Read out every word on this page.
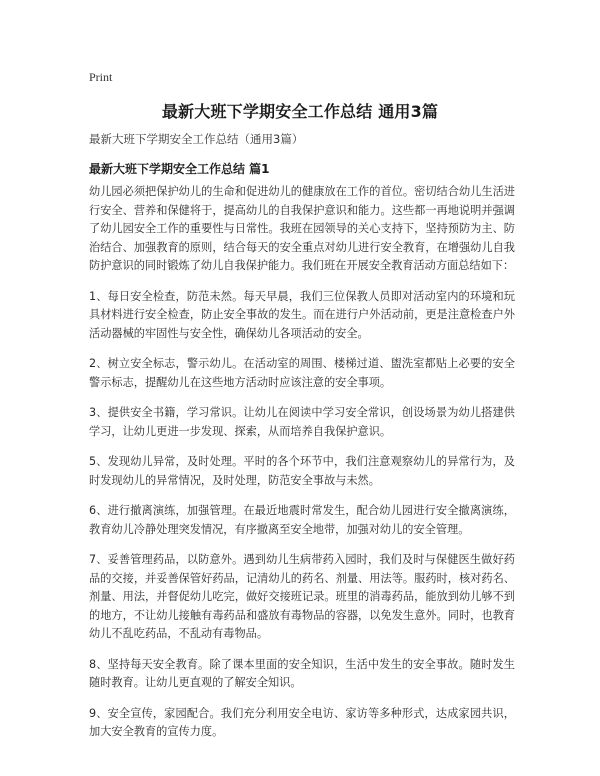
Print
最新大班下学期安全工作总结 通用3篇
最新大班下学期安全工作总结（通用3篇）
最新大班下学期安全工作总结 篇1

幼儿园必须把保护幼儿的生命和促进幼儿的健康放在工作的首位。密切结合幼儿生活进行安全、营养和保健将于，提高幼儿的自我保护意识和能力。这些都一再地说明并强调了幼儿园安全工作的重要性与日常性。我班在园领导的关心支持下，坚持预防为主、防治结合、加强教育的原则，结合每天的安全重点对幼儿进行安全教育，在增强幼儿自我防护意识的同时锻炼了幼儿自我保护能力。我们班在开展安全教育活动方面总结如下：

1、每日安全检查，防范未然。每天早晨，我们三位保教人员即对活动室内的环境和玩具材料进行安全检查，防止安全事故的发生。而在进行户外活动前，更是注意检查户外活动器械的牢固性与安全性，确保幼儿各项活动的安全。

2、树立安全标志，警示幼儿。在活动室的周围、楼梯过道、盥洗室都贴上必要的安全警示标志，提醒幼儿在这些地方活动时应该注意的安全事项。

3、提供安全书籍，学习常识。让幼儿在阅读中学习安全常识，创设场景为幼儿搭建供学习，让幼儿更进一步发现、探索，从而培养自我保护意识。

5、发现幼儿异常，及时处理。平时的各个环节中，我们注意观察幼儿的异常行为，及时发现幼儿的异常情况，及时处理，防范安全事故与未然。

6、进行撤离演练，加强管理。在最近地震时常发生，配合幼儿园进行安全撤离演练，教育幼儿冷静处理突发情况，有序撤离至安全地带，加强对幼儿的安全管理。

7、妥善管理药品，以防意外。遇到幼儿生病带药入园时，我们及时与保健医生做好药品的交接，并妥善保管好药品，记清幼儿的药名、剂量、用法等。服药时，核对药名、剂量、用法，并督促幼儿吃完，做好交接班记录。班里的消毒药品，能放到幼儿够不到的地方，不让幼儿接触有毒药品和盛放有毒物品的容器，以免发生意外。同时，也教育幼儿不乱吃药品，不乱动有毒物品。

8、坚持每天安全教育。除了课本里面的安全知识，生活中发生的安全事故。随时发生随时教育。让幼儿更直观的了解安全知识。

9、安全宣传，家园配合。我们充分利用安全电访、家访等多种形式，达成家园共识，加大安全教育的宣传力度。
